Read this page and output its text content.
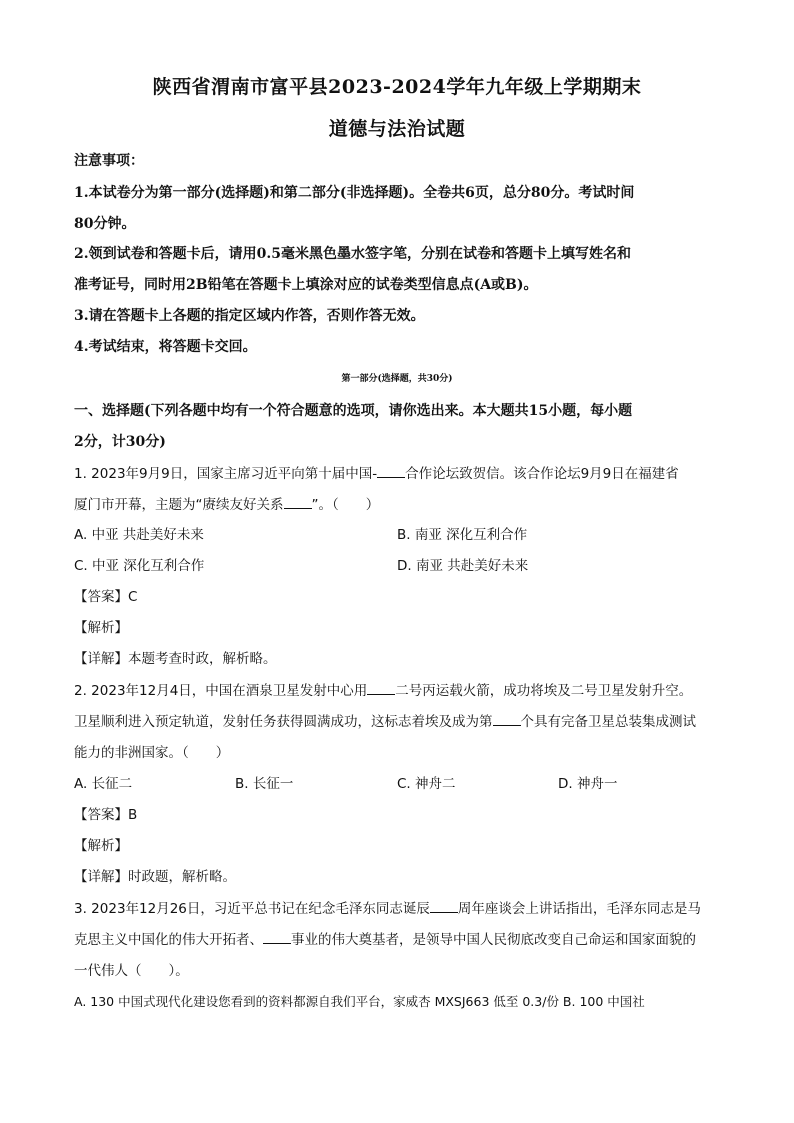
陕西省渭南市富平县2023-2024学年九年级上学期期末
道德与法治试题
注意事项：
1.本试卷分为第一部分(选择题)和第二部分(非选择题)。全卷共6页，总分80分。考试时间
80分钟。
2.领到试卷和答题卡后，请用0.5毫米黑色墨水签字笔，分别在试卷和答题卡上填写姓名和
准考证号，同时用2B铅笔在答题卡上填涂对应的试卷类型信息点(A或B)。
3.请在答题卡上各题的指定区域内作答，否则作答无效。
4.考试结束，将答题卡交回。
第一部分(选择题，共30分)
一、选择题(下列各题中均有一个符合题意的选项，请你选出来。本大题共15小题，每小题
2分，计30分)
1. 2023年9月9日，国家主席习近平向第十届中国- 合作论坛致贺信。该合作论坛9月9日在福建省
厦门市开幕，主题为“赓续友好关系 ”。（　　）
A. 中亚 共赴美好未来	B. 南亚 深化互利合作
C. 中亚 深化互利合作	D. 南亚 共赴美好未来
【答案】C
【解析】
【详解】本题考查时政，解析略。
2. 2023年12月4日，中国在酒泉卫星发射中心用 二号丙运载火箭，成功将埃及二号卫星发射升空。
卫星顺利进入预定轨道，发射任务获得圆满成功，这标志着埃及成为第 个具有完备卫星总装集成测试
能力的非洲国家。（　　）
A. 长征二	B. 长征一	C. 神舟二	D. 神舟一
【答案】B
【解析】
【详解】时政题，解析略。
3. 2023年12月26日，习近平总书记在纪念毛泽东同志诞辰 周年座谈会上讲话指出，毛泽东同志是马
克思主义中国化的伟大开拓者、 事业的伟大奠基者，是领导中国人民彻底改变自己命运和国家面貌的
一代伟人（　　）。
A. 130 中国式现代化建设您看到的资料都源自我们平台，家威杏 MXSJ663 低至 0.3/份 B. 100 中国社
